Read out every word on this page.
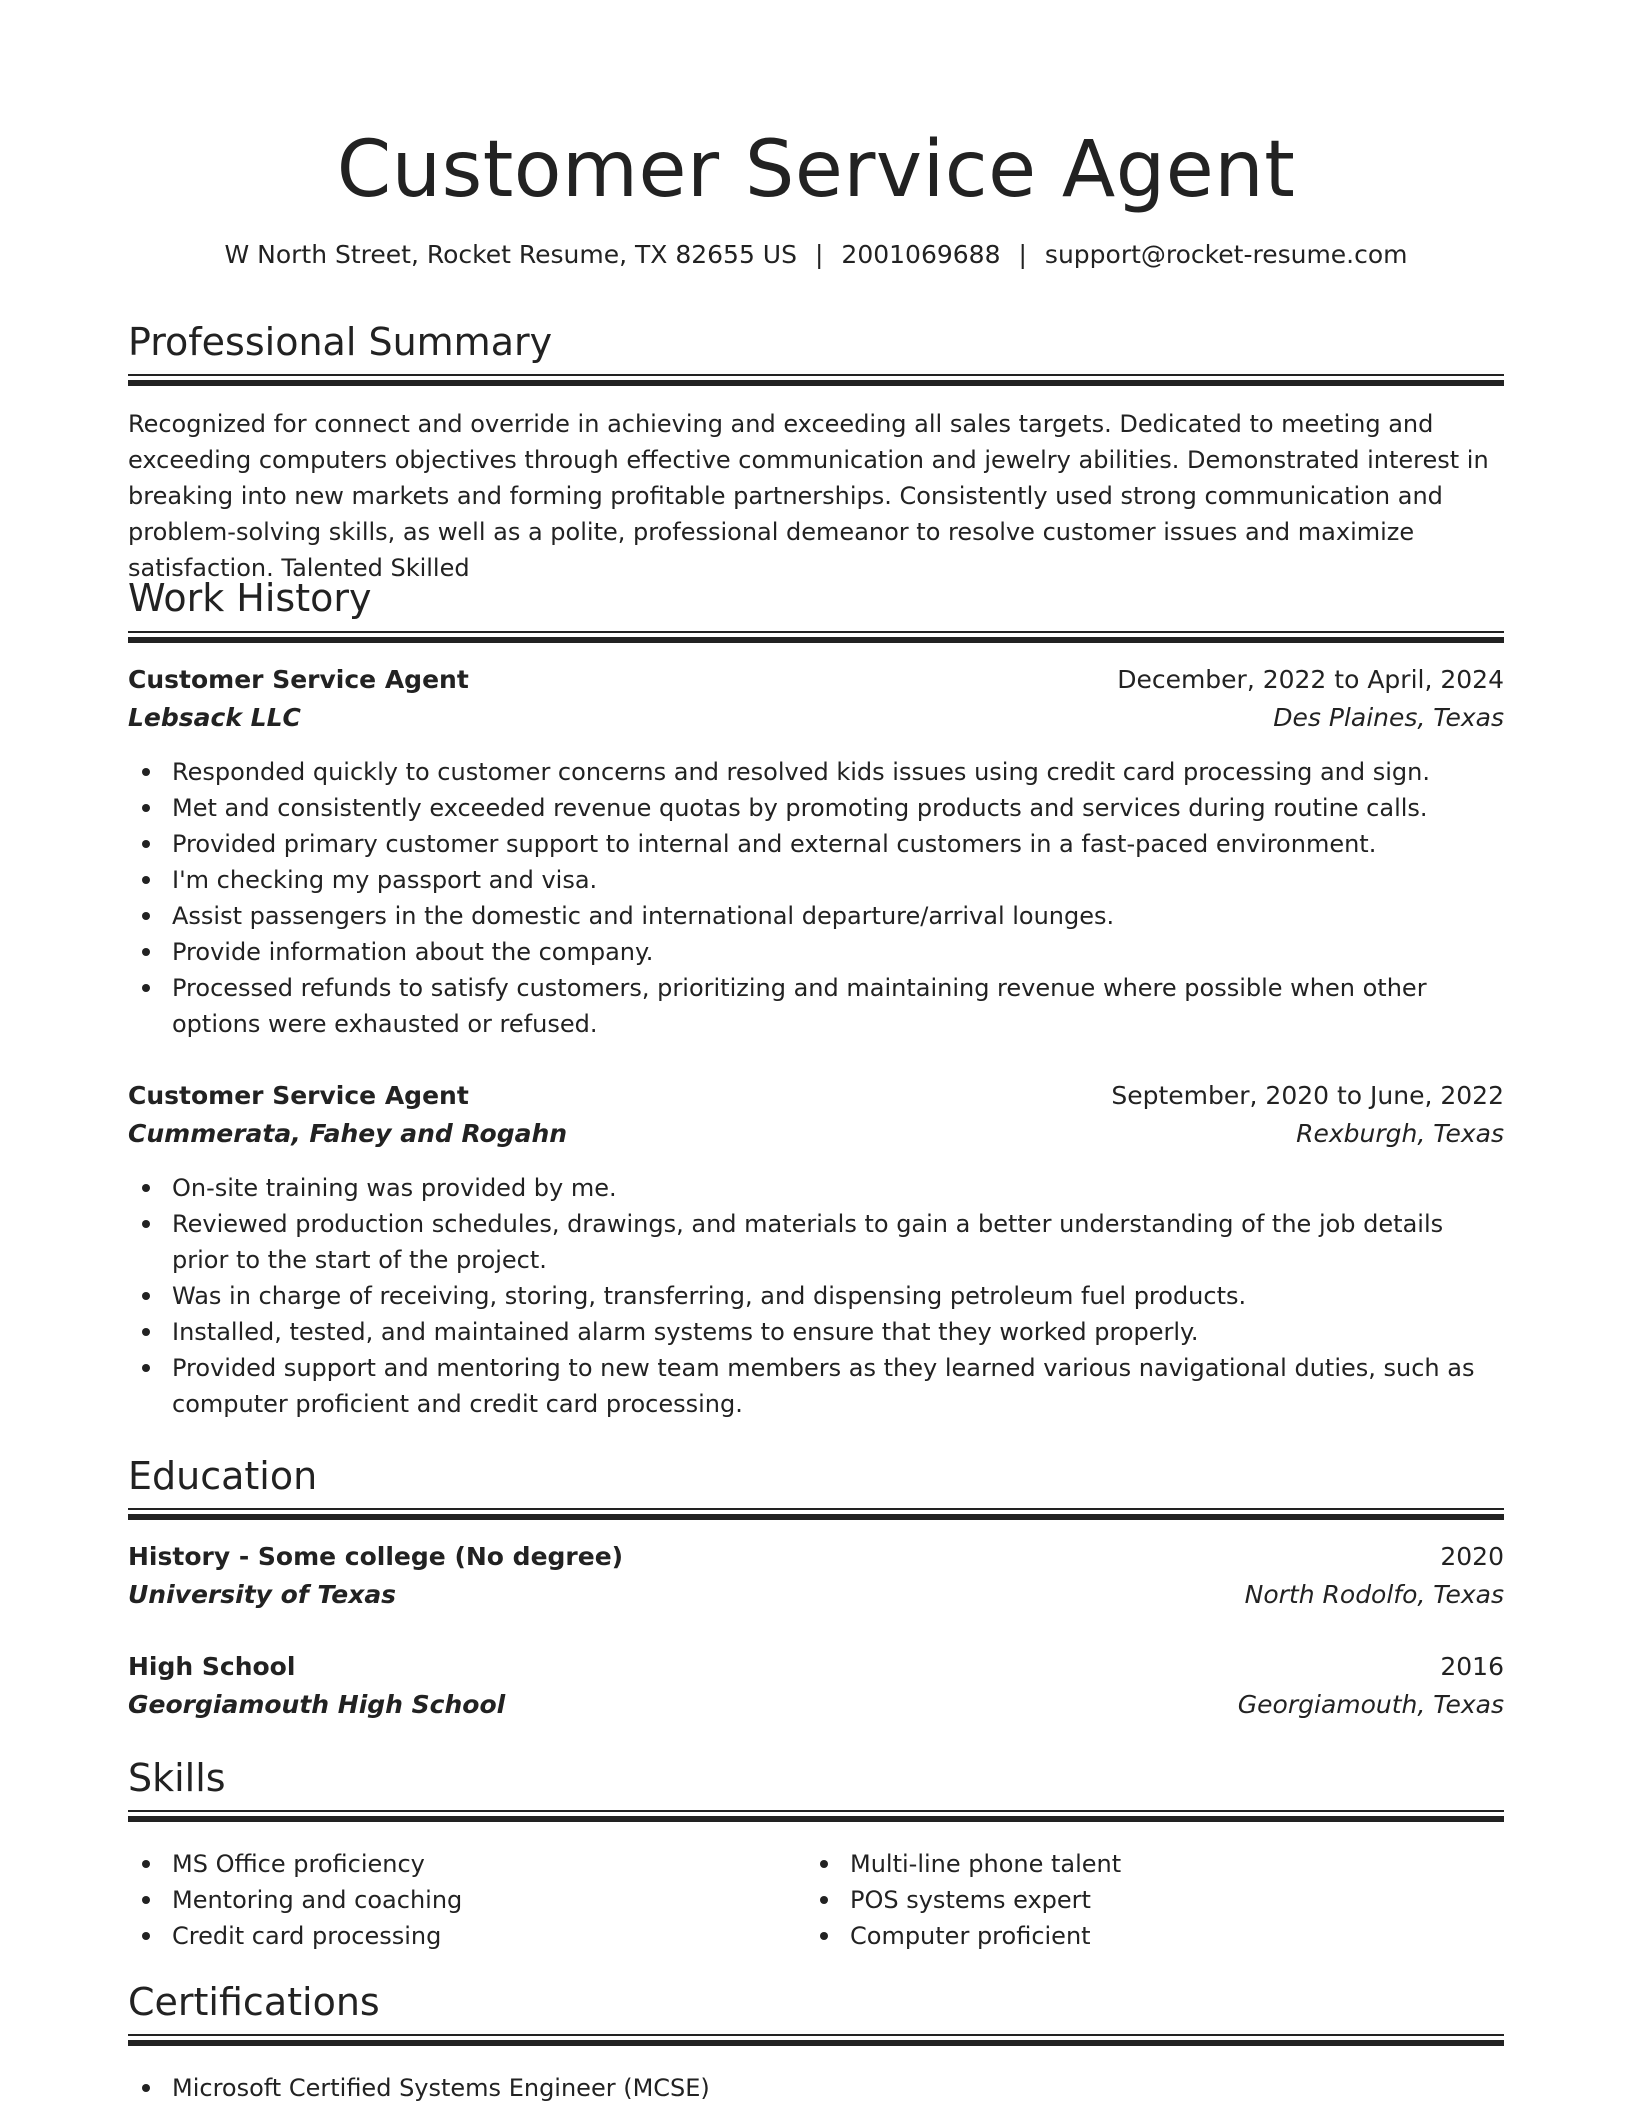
Customer Service Agent
W North Street, Rocket Resume, TX 82655 US | 2001069688 | support@rocket-resume.com
Professional Summary

Recognized for connect and override in achieving and exceeding all sales targets. Dedicated to meeting and exceeding computers objectives through effective communication and jewelry abilities. Demonstrated interest in breaking into new markets and forming profitable partnerships. Consistently used strong communication and problem-solving skills, as well as a polite, professional demeanor to resolve customer issues and maximize satisfaction. Talented Skilled

Work History
Customer Service Agent	December, 2022 to April, 2024
Lebsack LLC	Des Plaines, Texas
Responded quickly to customer concerns and resolved kids issues using credit card processing and sign.
Met and consistently exceeded revenue quotas by promoting products and services during routine calls.
Provided primary customer support to internal and external customers in a fast-paced environment.
I'm checking my passport and visa.
Assist passengers in the domestic and international departure/arrival lounges.
Provide information about the company.
Processed refunds to satisfy customers, prioritizing and maintaining revenue where possible when other options were exhausted or refused.
Customer Service Agent	September, 2020 to June, 2022
Cummerata, Fahey and Rogahn	Rexburgh, Texas
On-site training was provided by me.
Reviewed production schedules, drawings, and materials to gain a better understanding of the job details prior to the start of the project.
Was in charge of receiving, storing, transferring, and dispensing petroleum fuel products.
Installed, tested, and maintained alarm systems to ensure that they worked properly.
Provided support and mentoring to new team members as they learned various navigational duties, such as computer proficient and credit card processing.
Education
History - Some college (No degree)	2020
University of Texas	North Rodolfo, Texas
High School	2016
Georgiamouth High School	Georgiamouth, Texas
Skills
MS Office proficiency
Mentoring and coaching
Credit card processing
Multi-line phone talent
POS systems expert
Computer proficient
Certifications
Microsoft Certified Systems Engineer (MCSE)
